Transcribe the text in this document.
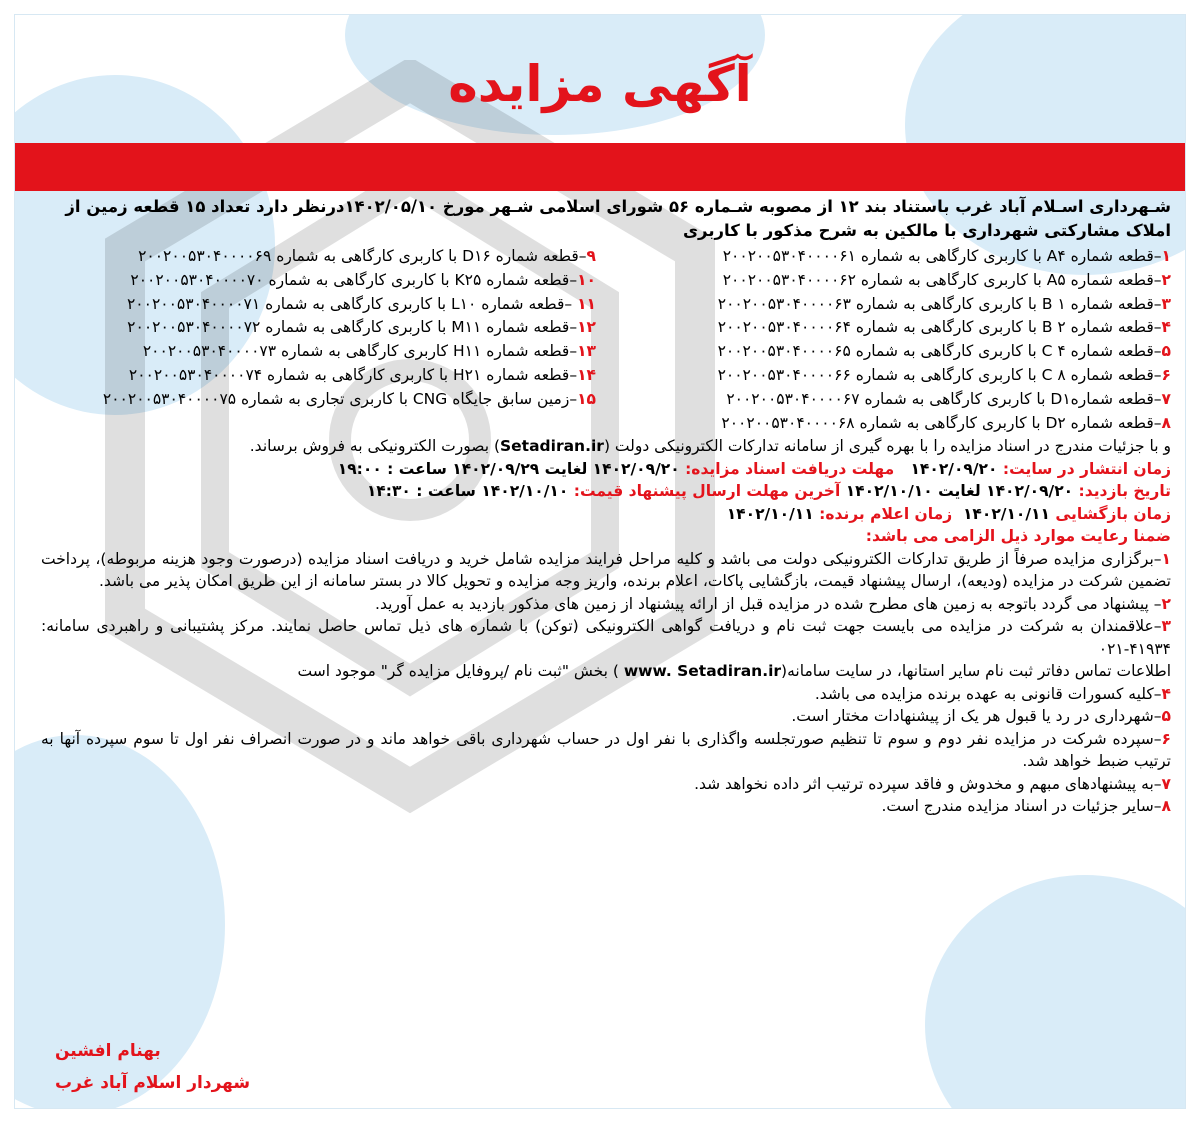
آگهی مزایده

شـهرداری اسـلام آباد غرب باستناد بند ۱۲ از مصوبه شـماره ۵۶ شورای اسلامی شـهر مورخ ۱۴۰۲/۰۵/۱۰درنظر دارد تعداد ۱۵ قطعه زمین از املاک مشارکتی شهرداری با مالکین به شرح مذکور با کاربری

۱–قطعه شماره A۴ با کاربری کارگاهی به شماره ۲۰۰۲۰۰۵۳۰۴۰۰۰۰۶۱
۲–قطعه شماره A۵ با کاربری کارگاهی به شماره ۲۰۰۲۰۰۵۳۰۴۰۰۰۰۶۲
۳–قطعه شماره ۱ B با کاربری کارگاهی به شماره ۲۰۰۲۰۰۵۳۰۴۰۰۰۰۶۳
۴–قطعه شماره ۲ B با کاربری کارگاهی به شماره ۲۰۰۲۰۰۵۳۰۴۰۰۰۰۶۴
۵–قطعه شماره ۴ C با کاربری کارگاهی به شماره ۲۰۰۲۰۰۵۳۰۴۰۰۰۰۶۵
۶–قطعه شماره ۸ C با کاربری کارگاهی به شماره ۲۰۰۲۰۰۵۳۰۴۰۰۰۰۶۶
۷–قطعه شمارهD۱ با کاربری کارگاهی به شماره ۲۰۰۲۰۰۵۳۰۴۰۰۰۰۶۷
۸–قطعه شماره D۲ با کاربری کارگاهی به شماره ۲۰۰۲۰۰۵۳۰۴۰۰۰۰۶۸
۹–قطعه شماره D۱۶ با کاربری کارگاهی به شماره ۲۰۰۲۰۰۵۳۰۴۰۰۰۰۶۹
۱۰–قطعه شماره K۲۵ با کاربری کارگاهی به شماره ۲۰۰۲۰۰۵۳۰۴۰۰۰۰۷۰
۱۱ –قطعه شماره L۱۰ با کاربری کارگاهی به شماره ۲۰۰۲۰۰۵۳۰۴۰۰۰۰۷۱
۱۲–قطعه شماره M۱۱ با کاربری کارگاهی به شماره ۲۰۰۲۰۰۵۳۰۴۰۰۰۰۷۲
۱۳–قطعه شماره H۱۱ کاربری کارگاهی به شماره ۲۰۰۲۰۰۵۳۰۴۰۰۰۰۷۳
۱۴–قطعه شماره H۲۱ با کاربری کارگاهی به شماره ۲۰۰۲۰۰۵۳۰۴۰۰۰۰۷۴
۱۵–زمین سابق جایگاه CNG با کاربری تجاری به شماره ۲۰۰۲۰۰۵۳۰۴۰۰۰۰۷۵

و با جزئیات مندرج در اسناد مزایده را با بهره گیری از سامانه تدارکات الکترونیکی دولت (Setadiran.ir) بصورت الکترونیکی به فروش برساند.

زمان انتشار در سایت: ۱۴۰۲/۰۹/۲۰   مهلت دریافت اسناد مزایده: ۱۴۰۲/۰۹/۲۰ لغایت ۱۴۰۲/۰۹/۲۹ ساعت : ۱۹:۰۰

تاریخ بازدید: ۱۴۰۲/۰۹/۲۰ لغایت ۱۴۰۲/۱۰/۱۰ آخرین مهلت ارسال پیشنهاد قیمت: ۱۴۰۲/۱۰/۱۰ ساعت : ۱۴:۳۰

زمان بازگشایی ۱۴۰۲/۱۰/۱۱  زمان اعلام برنده: ۱۴۰۲/۱۰/۱۱

ضمنا رعایت موارد ذیل الزامی می باشد:

۱–برگزاری مزایده صرفاً از طریق تدارکات الکترونیکی دولت می باشد و کلیه مراحل فرایند مزایده شامل خرید و دریافت اسناد مزایده (درصورت وجود هزینه مربوطه)، پرداخت تضمین شرکت در مزایده (ودیعه)، ارسال پیشنهاد قیمت، بازگشایی پاکات، اعلام برنده، واریز وجه مزایده و تحویل کالا در بستر سامانه از این طریق امکان پذیر می باشد.

۲– پیشنهاد می گردد باتوجه به زمین های مطرح شده در مزایده قبل از ارائه پیشنهاد از زمین های مذکور بازدید به عمل آورید.

۳–علاقمندان به شرکت در مزایده می بایست جهت ثبت نام و دریافت گواهی الکترونیکی (توکن) با شماره های ذیل تماس حاصل نمایند. مرکز پشتیبانی و راهبردی سامانه: ۴۱۹۳۴-۰۲۱

اطلاعات تماس دفاتر ثبت نام سایر استانها، در سایت سامانه(www. Setadiran.ir ) بخش "ثبت نام /پروفایل مزایده گر" موجود است

۴–کلیه کسورات قانونی به عهده برنده مزایده می باشد.

۵–شهرداری در رد یا قبول هر یک از پیشنهادات مختار است.

۶–سپرده شرکت در مزایده نفر دوم و سوم تا تنظیم صورتجلسه واگذاری با نفر اول در حساب شهرداری باقی خواهد ماند و در صورت انصراف نفر اول تا سوم سپرده آنها به ترتیب ضبط خواهد شد.

۷–به پیشنهادهای مبهم و مخدوش و فاقد سپرده ترتیب اثر داده نخواهد شد.

۸–سایر جزئیات در اسناد مزایده مندرج است.

بهنام افشین
شهردار اسلام آباد غرب
